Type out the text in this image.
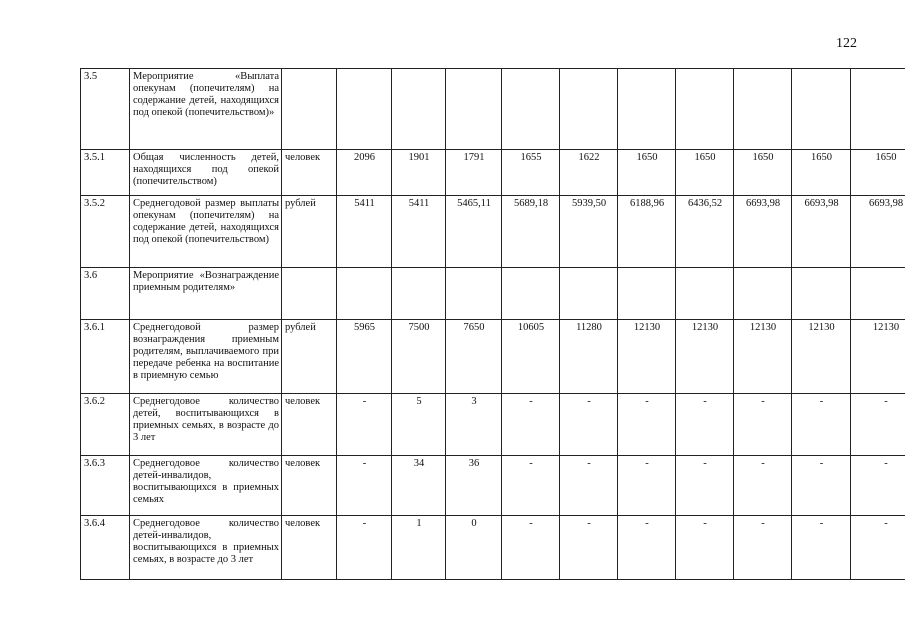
122
3.5	Мероприятие «Выплата опекунам (попечителям) на содержание детей, находящихся под опекой (попечительством)»											
3.5.1	Общая численность детей, находящихся под опекой (попечительством)	человек	2096	1901	1791	1655	1622	1650	1650	1650	1650	1650
3.5.2	Среднегодовой размер выплаты опекунам (попечителям) на содержание детей, находящихся под опекой (попечительством)	рублей	5411	5411	5465,11	5689,18	5939,50	6188,96	6436,52	6693,98	6693,98	6693,98
3.6	Мероприятие «Вознаграждение приемным родителям»											
3.6.1	Среднегодовой размер вознаграждения приемным родителям, выплачиваемого при передаче ребенка на воспитание в приемную семью	рублей	5965	7500	7650	10605	11280	12130	12130	12130	12130	12130
3.6.2	Среднегодовое количество детей, воспитывающихся в приемных семьях, в возрасте до 3 лет	человек	-	5	3	-	-	-	-	-	-	-
3.6.3	Среднегодовое количество детей-инвалидов, воспитывающихся в приемных семьях	человек	-	34	36	-	-	-	-	-	-	-
3.6.4	Среднегодовое количество детей-инвалидов, воспитывающихся в приемных семьях, в возрасте до 3 лет	человек	-	1	0	-	-	-	-	-	-	-
